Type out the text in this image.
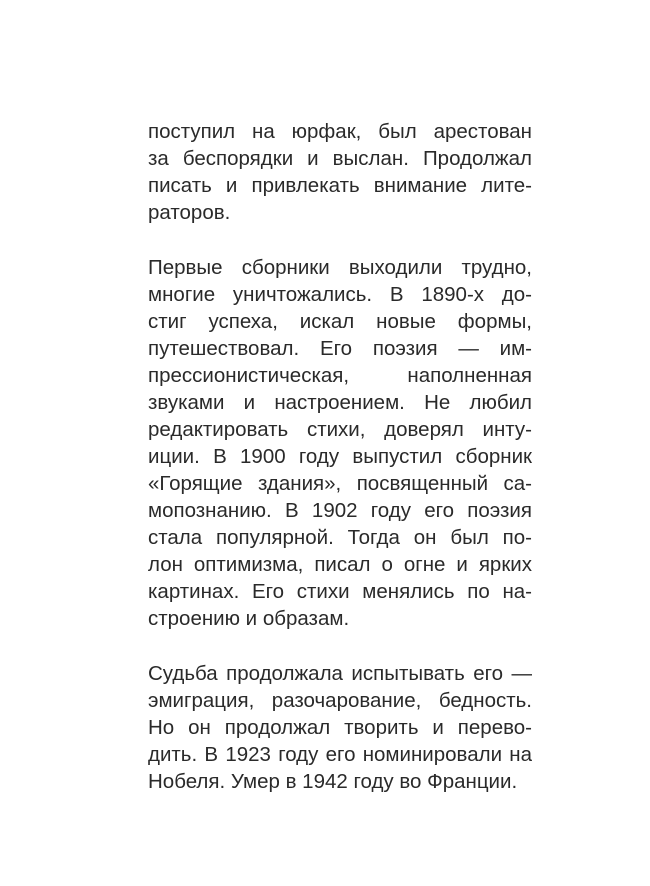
поступил на юрфак, был арестован
за беспорядки и выслан. Продолжал
писать и привлекать внимание лите-
раторов.
Первые сборники выходили трудно,
многие уничтожались. В 1890-х до-
стиг успеха, искал новые формы,
путешествовал. Его поэзия — им-
прессионистическая, наполненная
звуками и настроением. Не любил
редактировать стихи, доверял инту-
иции. В 1900 году выпустил сборник
«Горящие здания», посвященный са-
мопознанию. В 1902 году его поэзия
стала популярной. Тогда он был по-
лон оптимизма, писал о огне и ярких
картинах. Его стихи менялись по на-
строению и образам.
Судьба продолжала испытывать его —
эмиграция, разочарование, бедность.
Но он продолжал творить и перево-
дить. В 1923 году его номинировали на
Нобеля. Умер в 1942 году во Франции.
